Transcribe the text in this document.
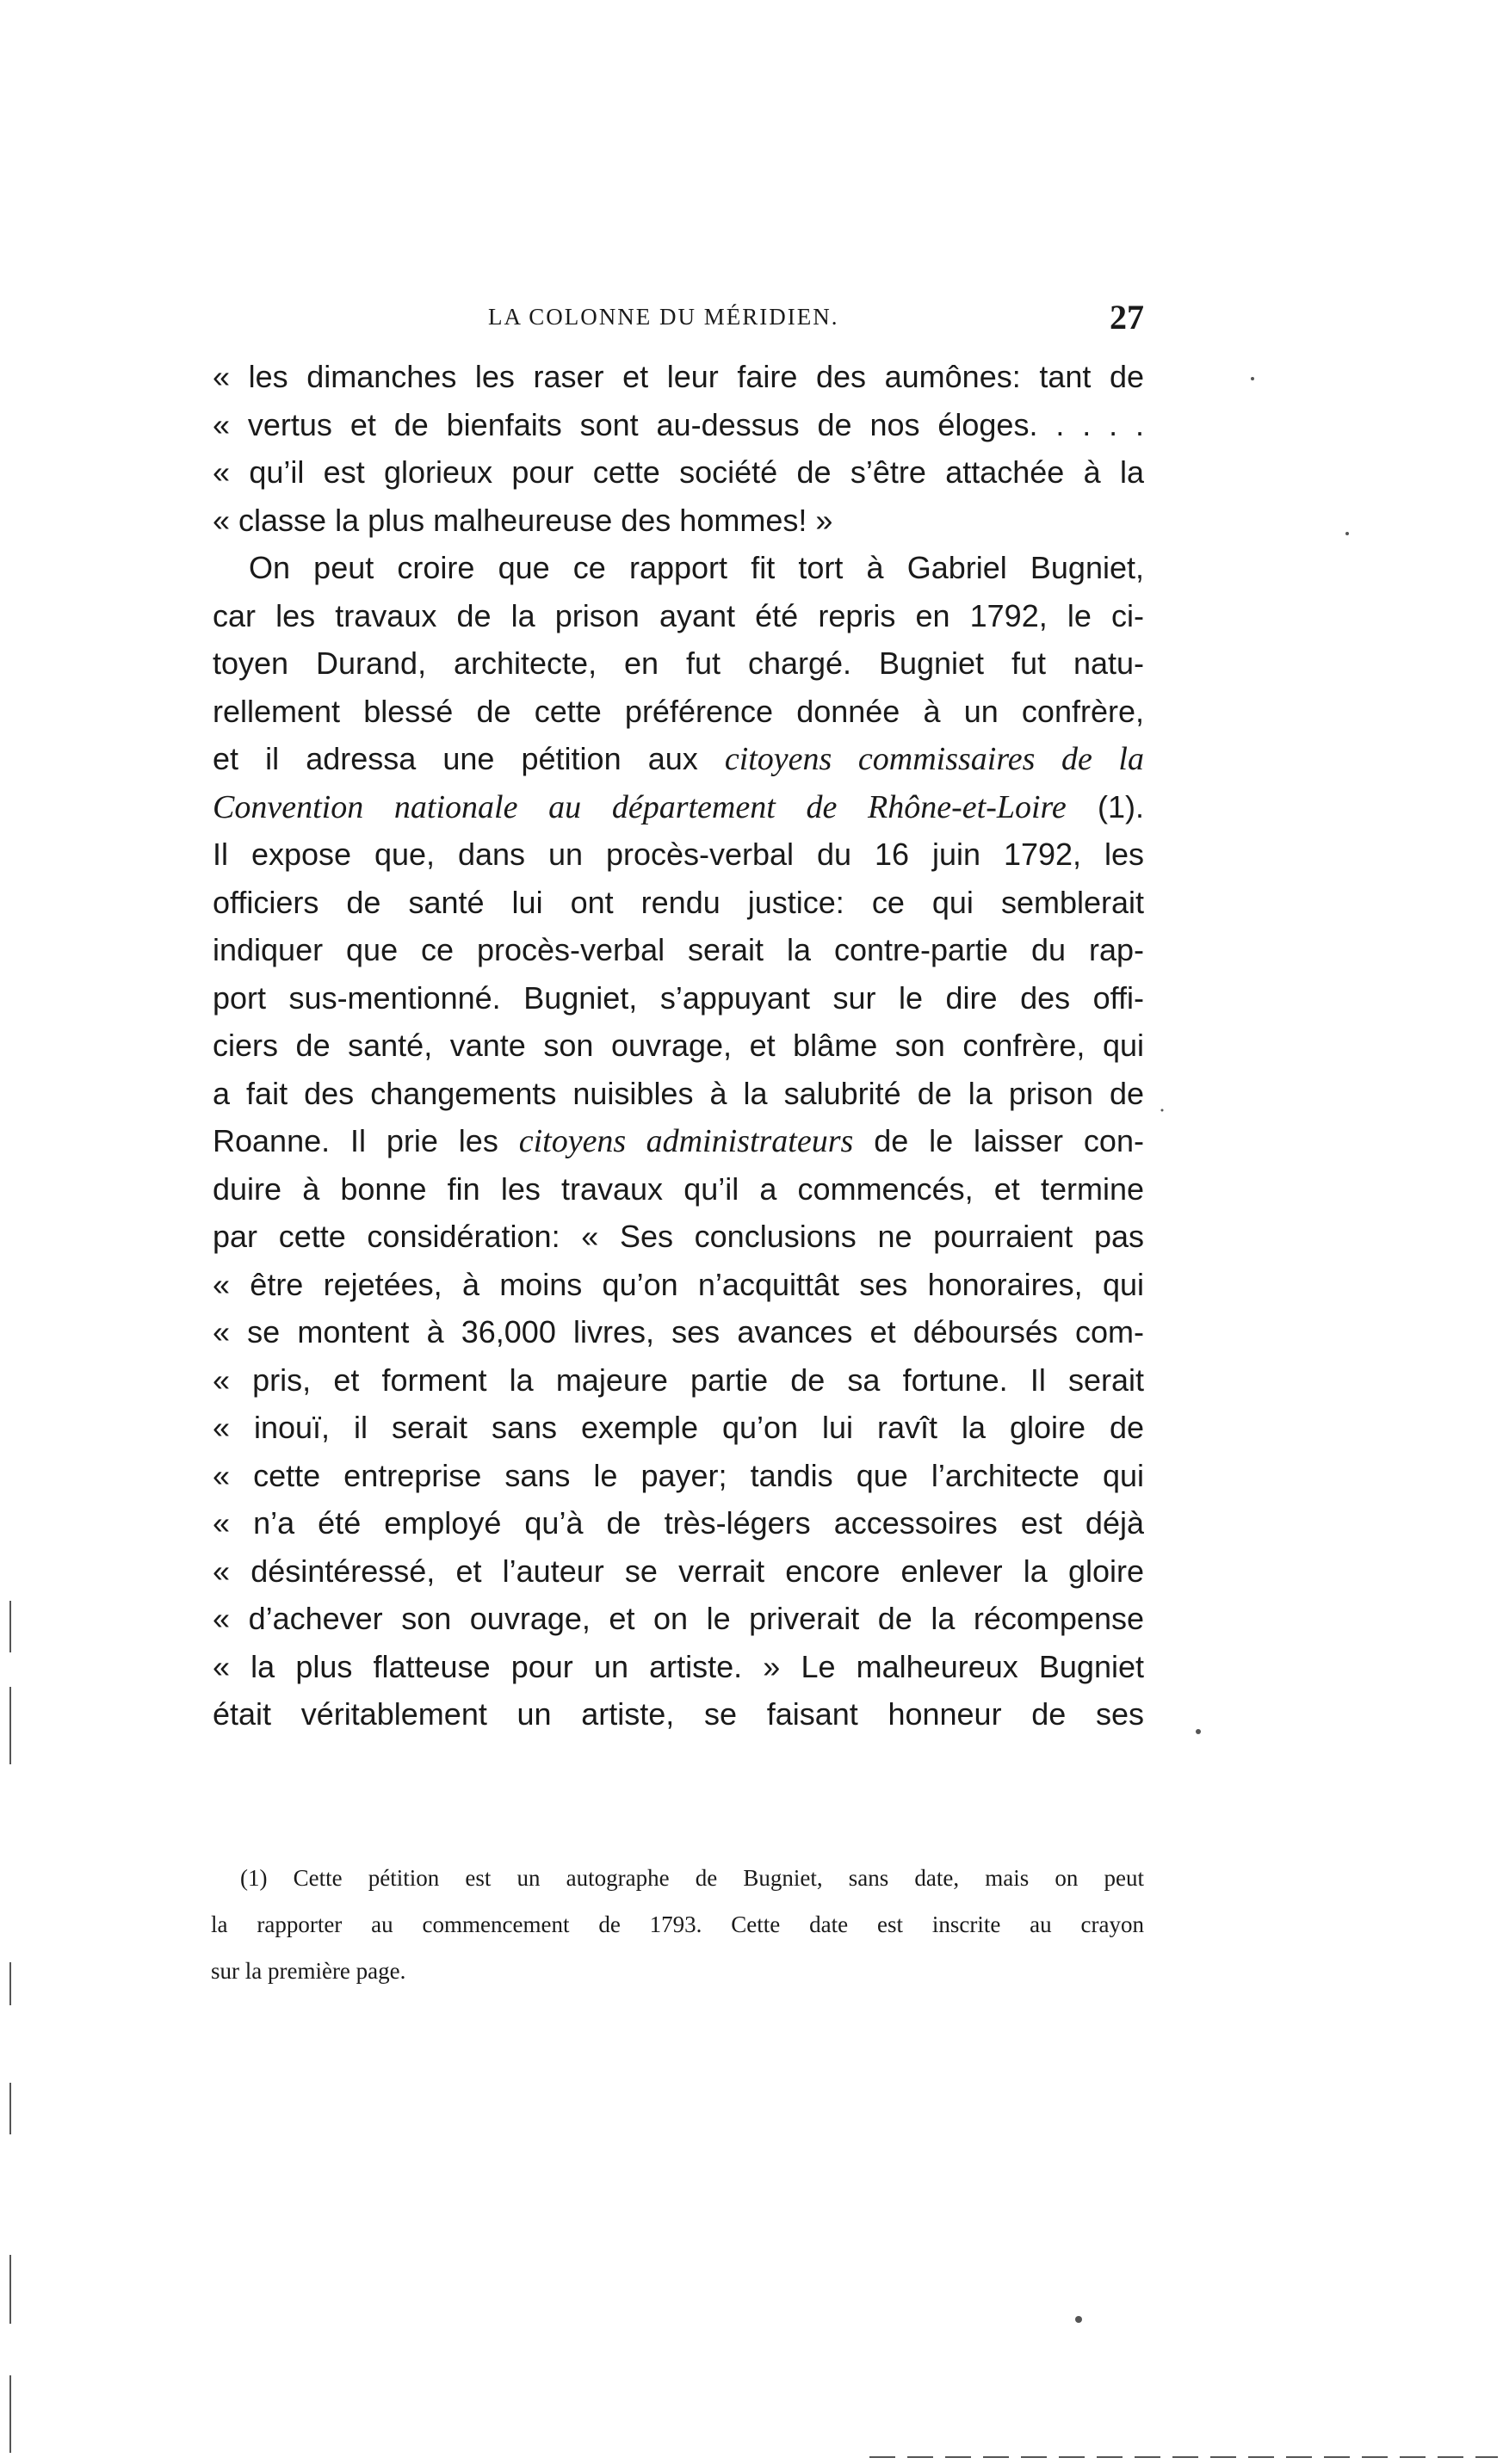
LA COLONNE DU MÉRIDIEN.	27
« les dimanches les raser et leur faire des aumônes: tant de
« vertus et de bienfaits sont au-dessus de nos éloges. . . . .
« qu’il est glorieux pour cette société de s’être attachée à la
« classe la plus malheureuse des hommes! »
On peut croire que ce rapport fit tort à Gabriel Bugniet,
car les travaux de la prison ayant été repris en 1792, le ci-
toyen Durand, architecte, en fut chargé. Bugniet fut natu-
rellement blessé de cette préférence donnée à un confrère,
et il adressa une pétition aux citoyens commissaires de la
Convention nationale au département de Rhône-et-Loire (1).
Il expose que, dans un procès-verbal du 16 juin 1792, les
officiers de santé lui ont rendu justice: ce qui semblerait
indiquer que ce procès-verbal serait la contre-partie du rap-
port sus-mentionné. Bugniet, s’appuyant sur le dire des offi-
ciers de santé, vante son ouvrage, et blâme son confrère, qui
a fait des changements nuisibles à la salubrité de la prison de
Roanne. Il prie les citoyens administrateurs de le laisser con-
duire à bonne fin les travaux qu’il a commencés, et termine
par cette considération: « Ses conclusions ne pourraient pas
« être rejetées, à moins qu’on n’acquittât ses honoraires, qui
« se montent à 36,000 livres, ses avances et déboursés com-
« pris, et forment la majeure partie de sa fortune. Il serait
« inouï, il serait sans exemple qu’on lui ravît la gloire de
« cette entreprise sans le payer; tandis que l’architecte qui
« n’a été employé qu’à de très-légers accessoires est déjà
« désintéressé, et l’auteur se verrait encore enlever la gloire
« d’achever son ouvrage, et on le priverait de la récompense
« la plus flatteuse pour un artiste. » Le malheureux Bugniet
était véritablement un artiste, se faisant honneur de ses
(1) Cette pétition est un autographe de Bugniet, sans date, mais on peut
la rapporter au commencement de 1793. Cette date est inscrite au crayon
sur la première page.
